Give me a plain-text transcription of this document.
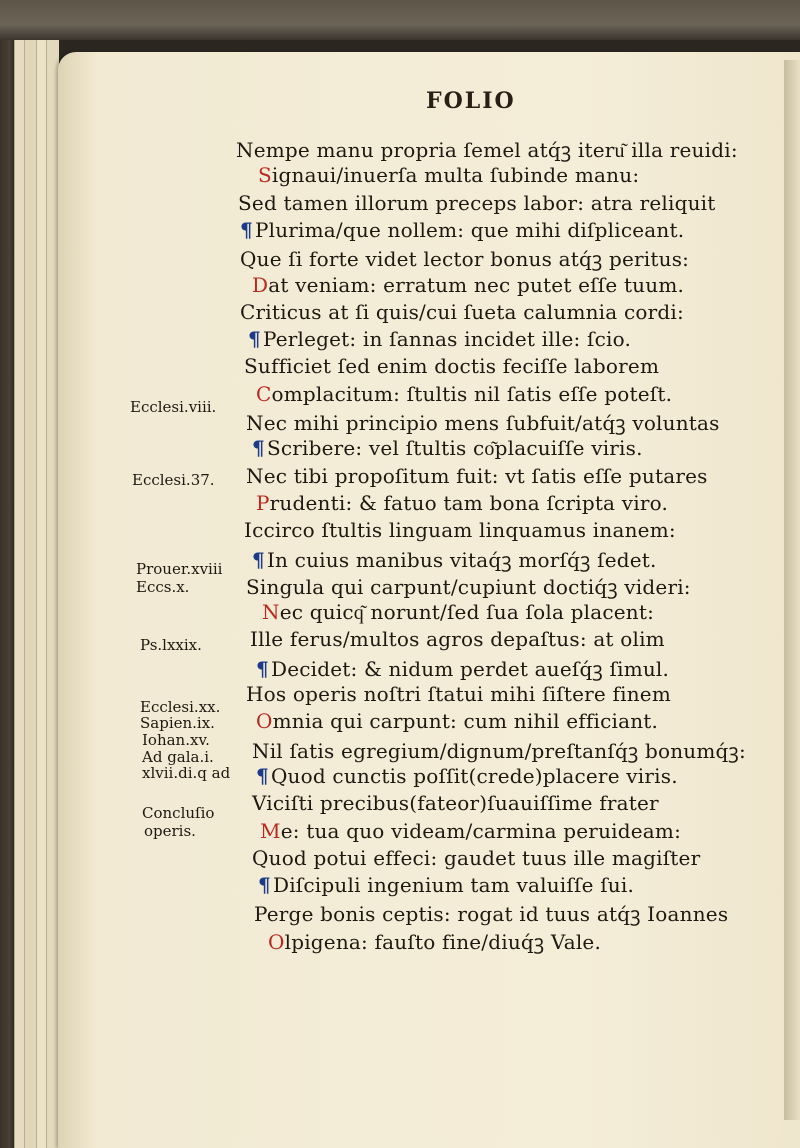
FOLIO
Nempe manu propria ſemel atq́ꝫ iteru͂ illa reuidi:
Signaui/inuerſa multa ſubinde manu:
Sed tamen illorum preceps labor: atra reliquit
¶ Plurima/que nollem: que mihi diſpliceant.
Que ſi forte videt lector bonus atq́ꝫ peritus:
Dat veniam: erratum nec putet eſſe tuum.
Criticus at ſi quis/cui ſueta calumnia cordi:
¶ Perleget: in ſannas incidet ille: ſcio.
Sufficiet ſed enim doctis feciſſe laborem
Complacitum: ſtultis nil ſatis eſſe poteſt.
Nec mihi principio mens ſubfuit/atq́ꝫ voluntas
¶ Scribere: vel ſtultis co͂placuiſſe viris.
Nec tibi propoſitum fuit: vt ſatis eſſe putares
Prudenti: & fatuo tam bona ſcripta viro.
Iccirco ſtultis linguam linquamus inanem:
¶ In cuius manibus vitaq́ꝫ morſq́ꝫ ſedet.
Singula qui carpunt/cupiunt doctiq́ꝫ videri:
Nec quicq͂ norunt/ſed ſua ſola placent:
Ille ferus/multos agros depaſtus: at olim
¶ Decidet: & nidum perdet aueſq́ꝫ ſimul.
Hos operis noſtri ſtatui mihi ſiſtere finem
Omnia qui carpunt: cum nihil efficiant.
Nil ſatis egregium/dignum/preſtanſq́ꝫ bonumq́ꝫ:
¶ Quod cunctis poſſit(crede)placere viris.
Viciſti precibus(fateor)ſuauiſſime frater
Me: tua quo videam/carmina peruideam:
Quod potui effeci: gaudet tuus ille magiſter
¶ Diſcipuli ingenium tam valuiſſe ſui.
Perge bonis ceptis: rogat id tuus atq́ꝫ Ioannes
Olpigena: fauſto fine/diuq́ꝫ Vale.
Ecclesi.viii.
Ecclesi.37.
Prouer.xviii
Eccs.x.
Ps.lxxix.
Ecclesi.xx.
Sapien.ix.
Iohan.xv.
Ad gala.i.
xlvii.di.q ad
Concluſio
operis.
